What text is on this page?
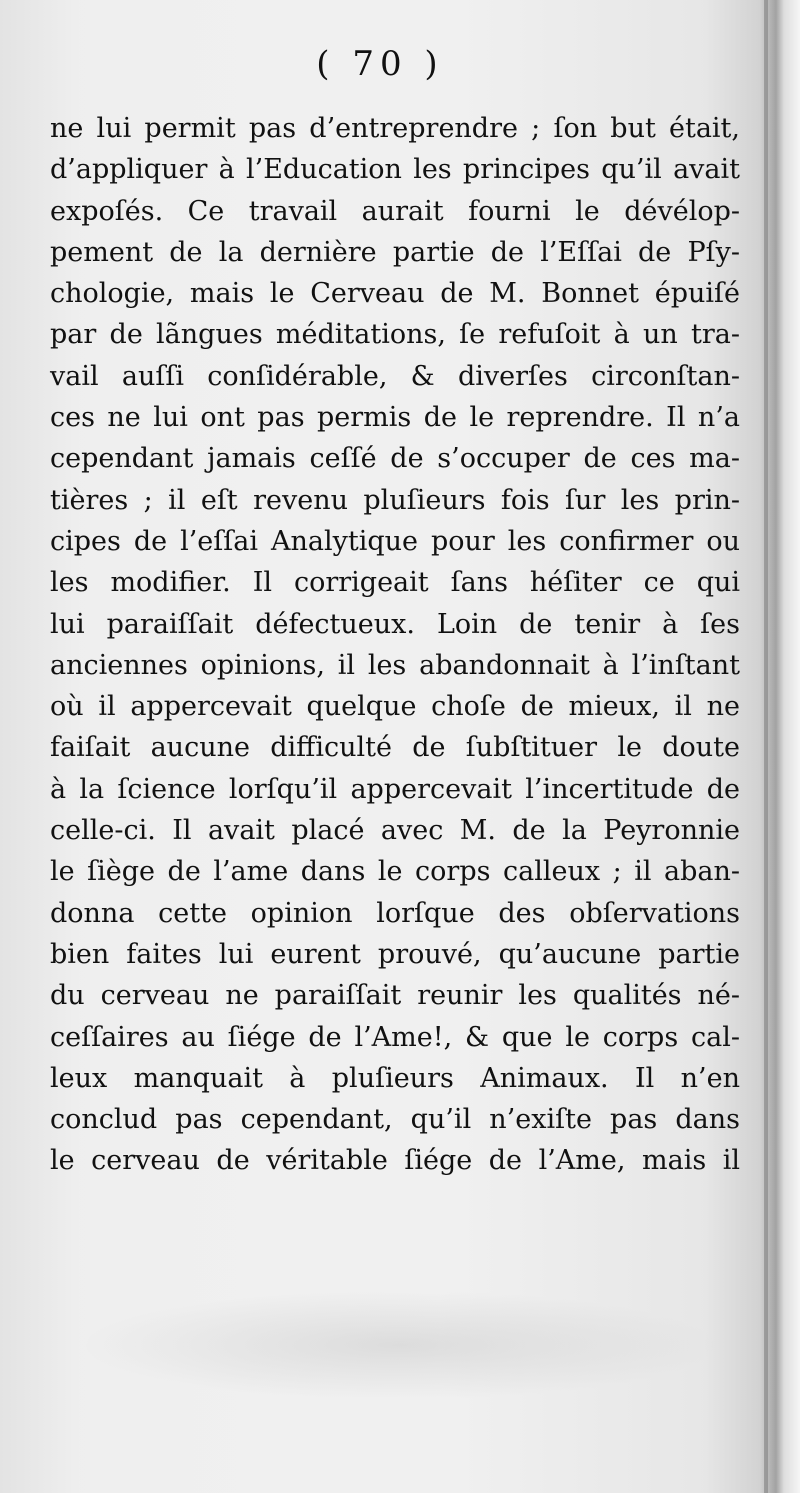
( 70 )
ne lui permit pas d’entreprendre ; ſon but était,
d’appliquer à l’Education les principes qu’il avait
expoſés. Ce travail aurait fourni le dévélop-
pement de la dernière partie de l’Eſſai de Pſy-
chologie, mais le Cerveau de M. Bonnet épuiſé
par de lãngues méditations, ſe refuſoit à un tra-
vail auſſi conſidérable, & diverſes circonſtan-
ces ne lui ont pas permis de le reprendre. Il n’a
cependant jamais ceſſé de s’occuper de ces ma-
tières ; il eſt revenu pluſieurs fois ſur les prin-
cipes de l’eſſai Analytique pour les confirmer ou
les modifier. Il corrigeait ſans héſiter ce qui
lui paraiſſait défectueux. Loin de tenir à ſes
anciennes opinions, il les abandonnait à l’inſtant
où il appercevait quelque choſe de mieux, il ne
faiſait aucune difficulté de ſubſtituer le doute
à la ſcience lorſqu’il appercevait l’incertitude de
celle-ci. Il avait placé avec M. de la Peyronnie
le ſiège de l’ame dans le corps calleux ; il aban-
donna cette opinion lorſque des obſervations
bien faites lui eurent prouvé, qu’aucune partie
du cerveau ne paraiſſait reunir les qualités né-
ceſſaires au ſiége de l’Ame!, & que le corps cal-
leux manquait à pluſieurs Animaux. Il n’en
conclud pas cependant, qu’il n’exiſte pas dans
le cerveau de véritable ſiége de l’Ame, mais il
